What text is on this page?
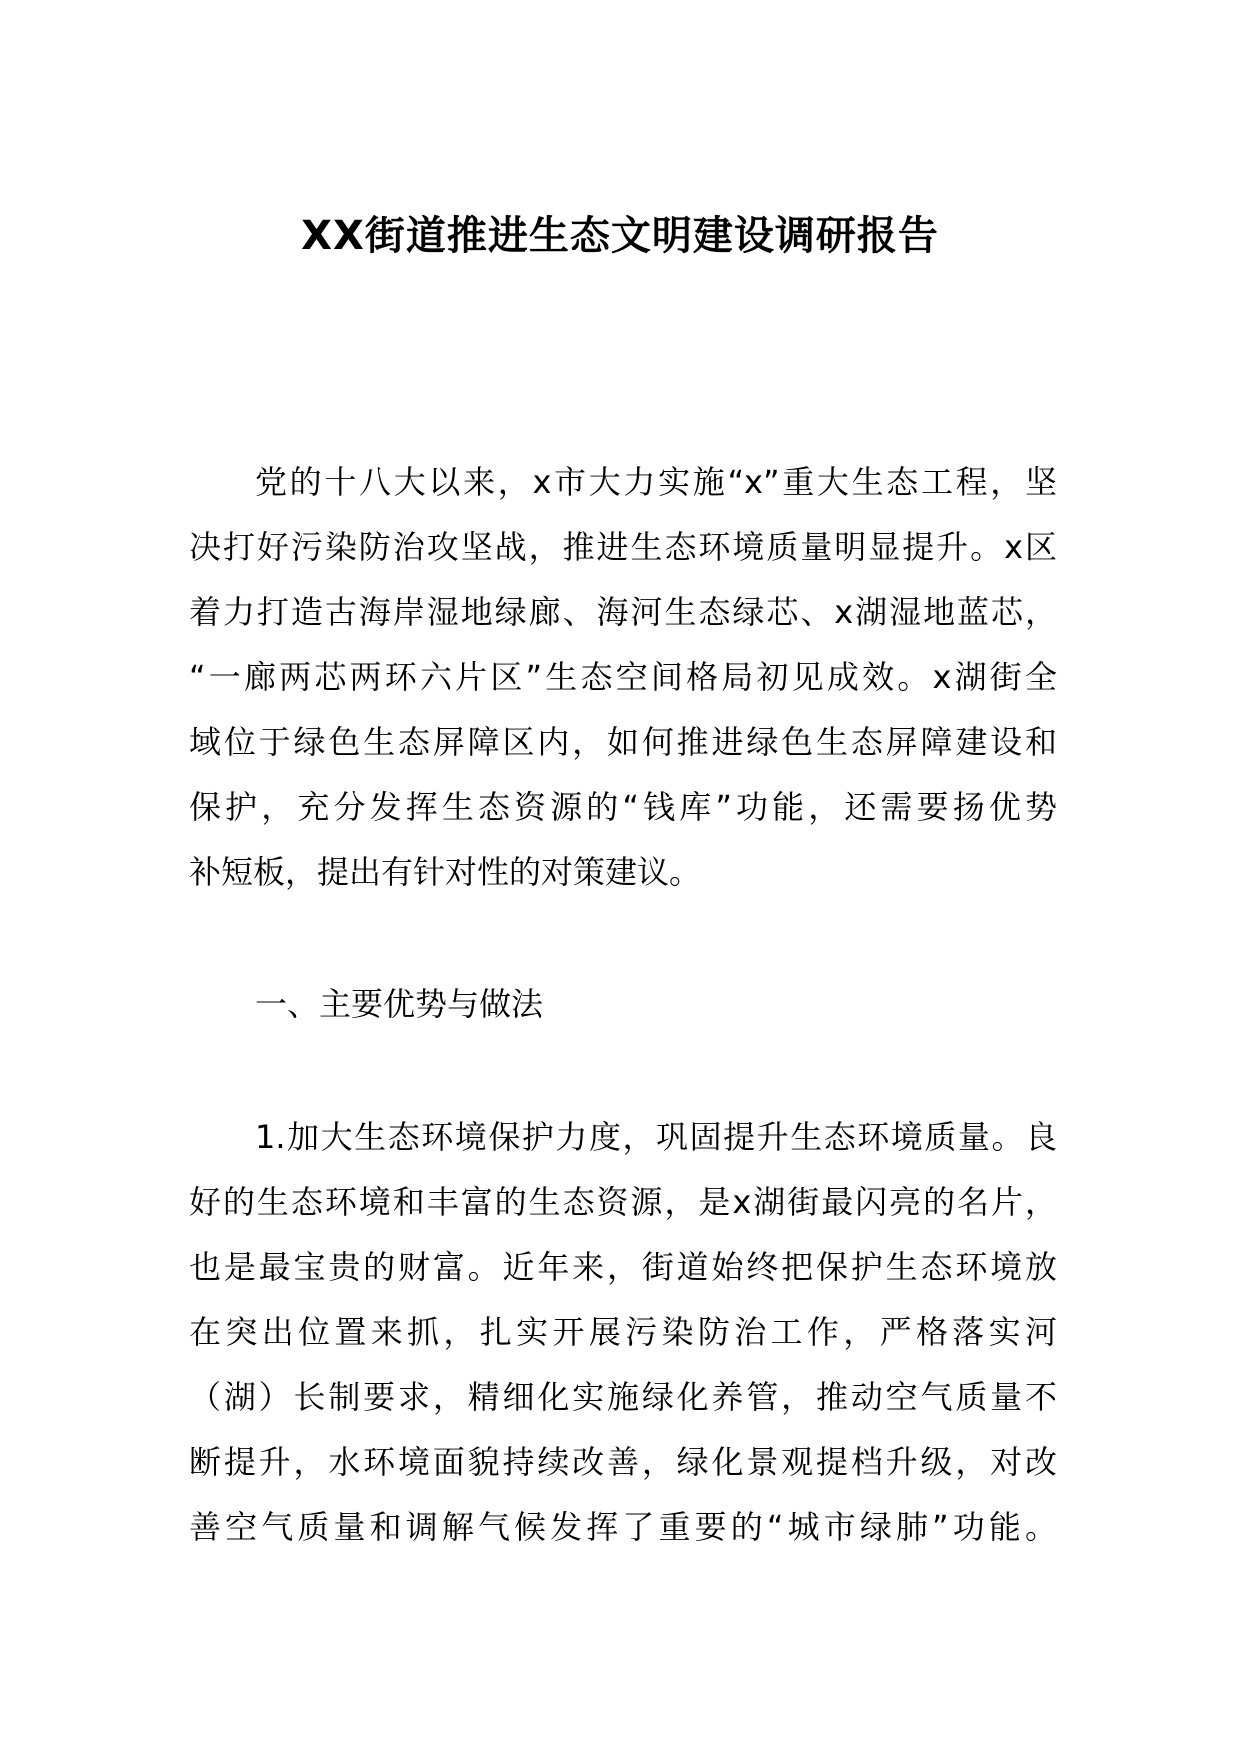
XX街道推进生态文明建设调研报告
党的十八大以来，x市大力实施“x”重大生态工程，坚
决打好污染防治攻坚战，推进生态环境质量明显提升。x区
着力打造古海岸湿地绿廊、海河生态绿芯、x湖湿地蓝芯，
“一廊两芯两环六片区”生态空间格局初见成效。x湖街全
域位于绿色生态屏障区内，如何推进绿色生态屏障建设和
保护，充分发挥生态资源的“钱库”功能，还需要扬优势
补短板，提出有针对性的对策建议。
一、主要优势与做法
1.加大生态环境保护力度，巩固提升生态环境质量。良
好的生态环境和丰富的生态资源，是x湖街最闪亮的名片，
也是最宝贵的财富。近年来，街道始终把保护生态环境放
在突出位置来抓，扎实开展污染防治工作，严格落实河
（湖）长制要求，精细化实施绿化养管，推动空气质量不
断提升，水环境面貌持续改善，绿化景观提档升级，对改
善空气质量和调解气候发挥了重要的“城市绿肺”功能。
